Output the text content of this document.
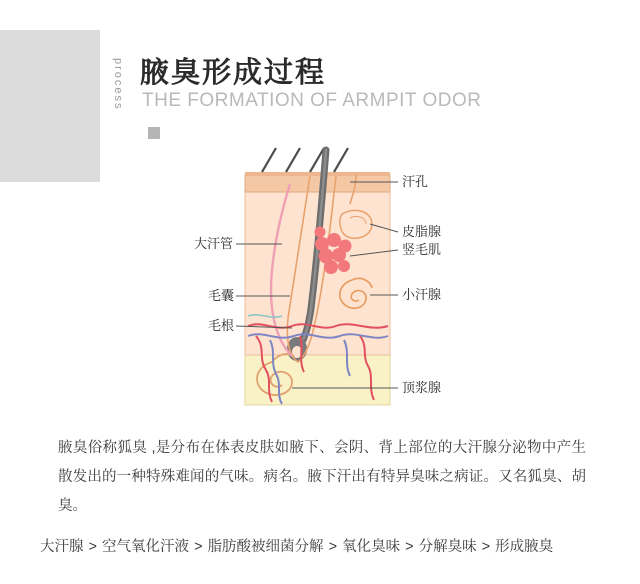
process 腋臭形成过程
THE FORMATION OF ARMPIT ODOR
汗孔
皮脂腺
竖毛肌
小汗腺
顶浆腺
大汗管
毛囊
毛根
腋臭俗称狐臭 ,是分布在体表皮肤如腋下、会阴、背上部位的大汗腺分泌物中产生散发出的一种特殊难闻的气味。病名。腋下汗出有特异臭味之病证。又名狐臭、胡臭。
大汗腺 > 空气氧化汗液 > 脂肪酸被细菌分解 > 氧化臭味 > 分解臭味 > 形成腋臭
